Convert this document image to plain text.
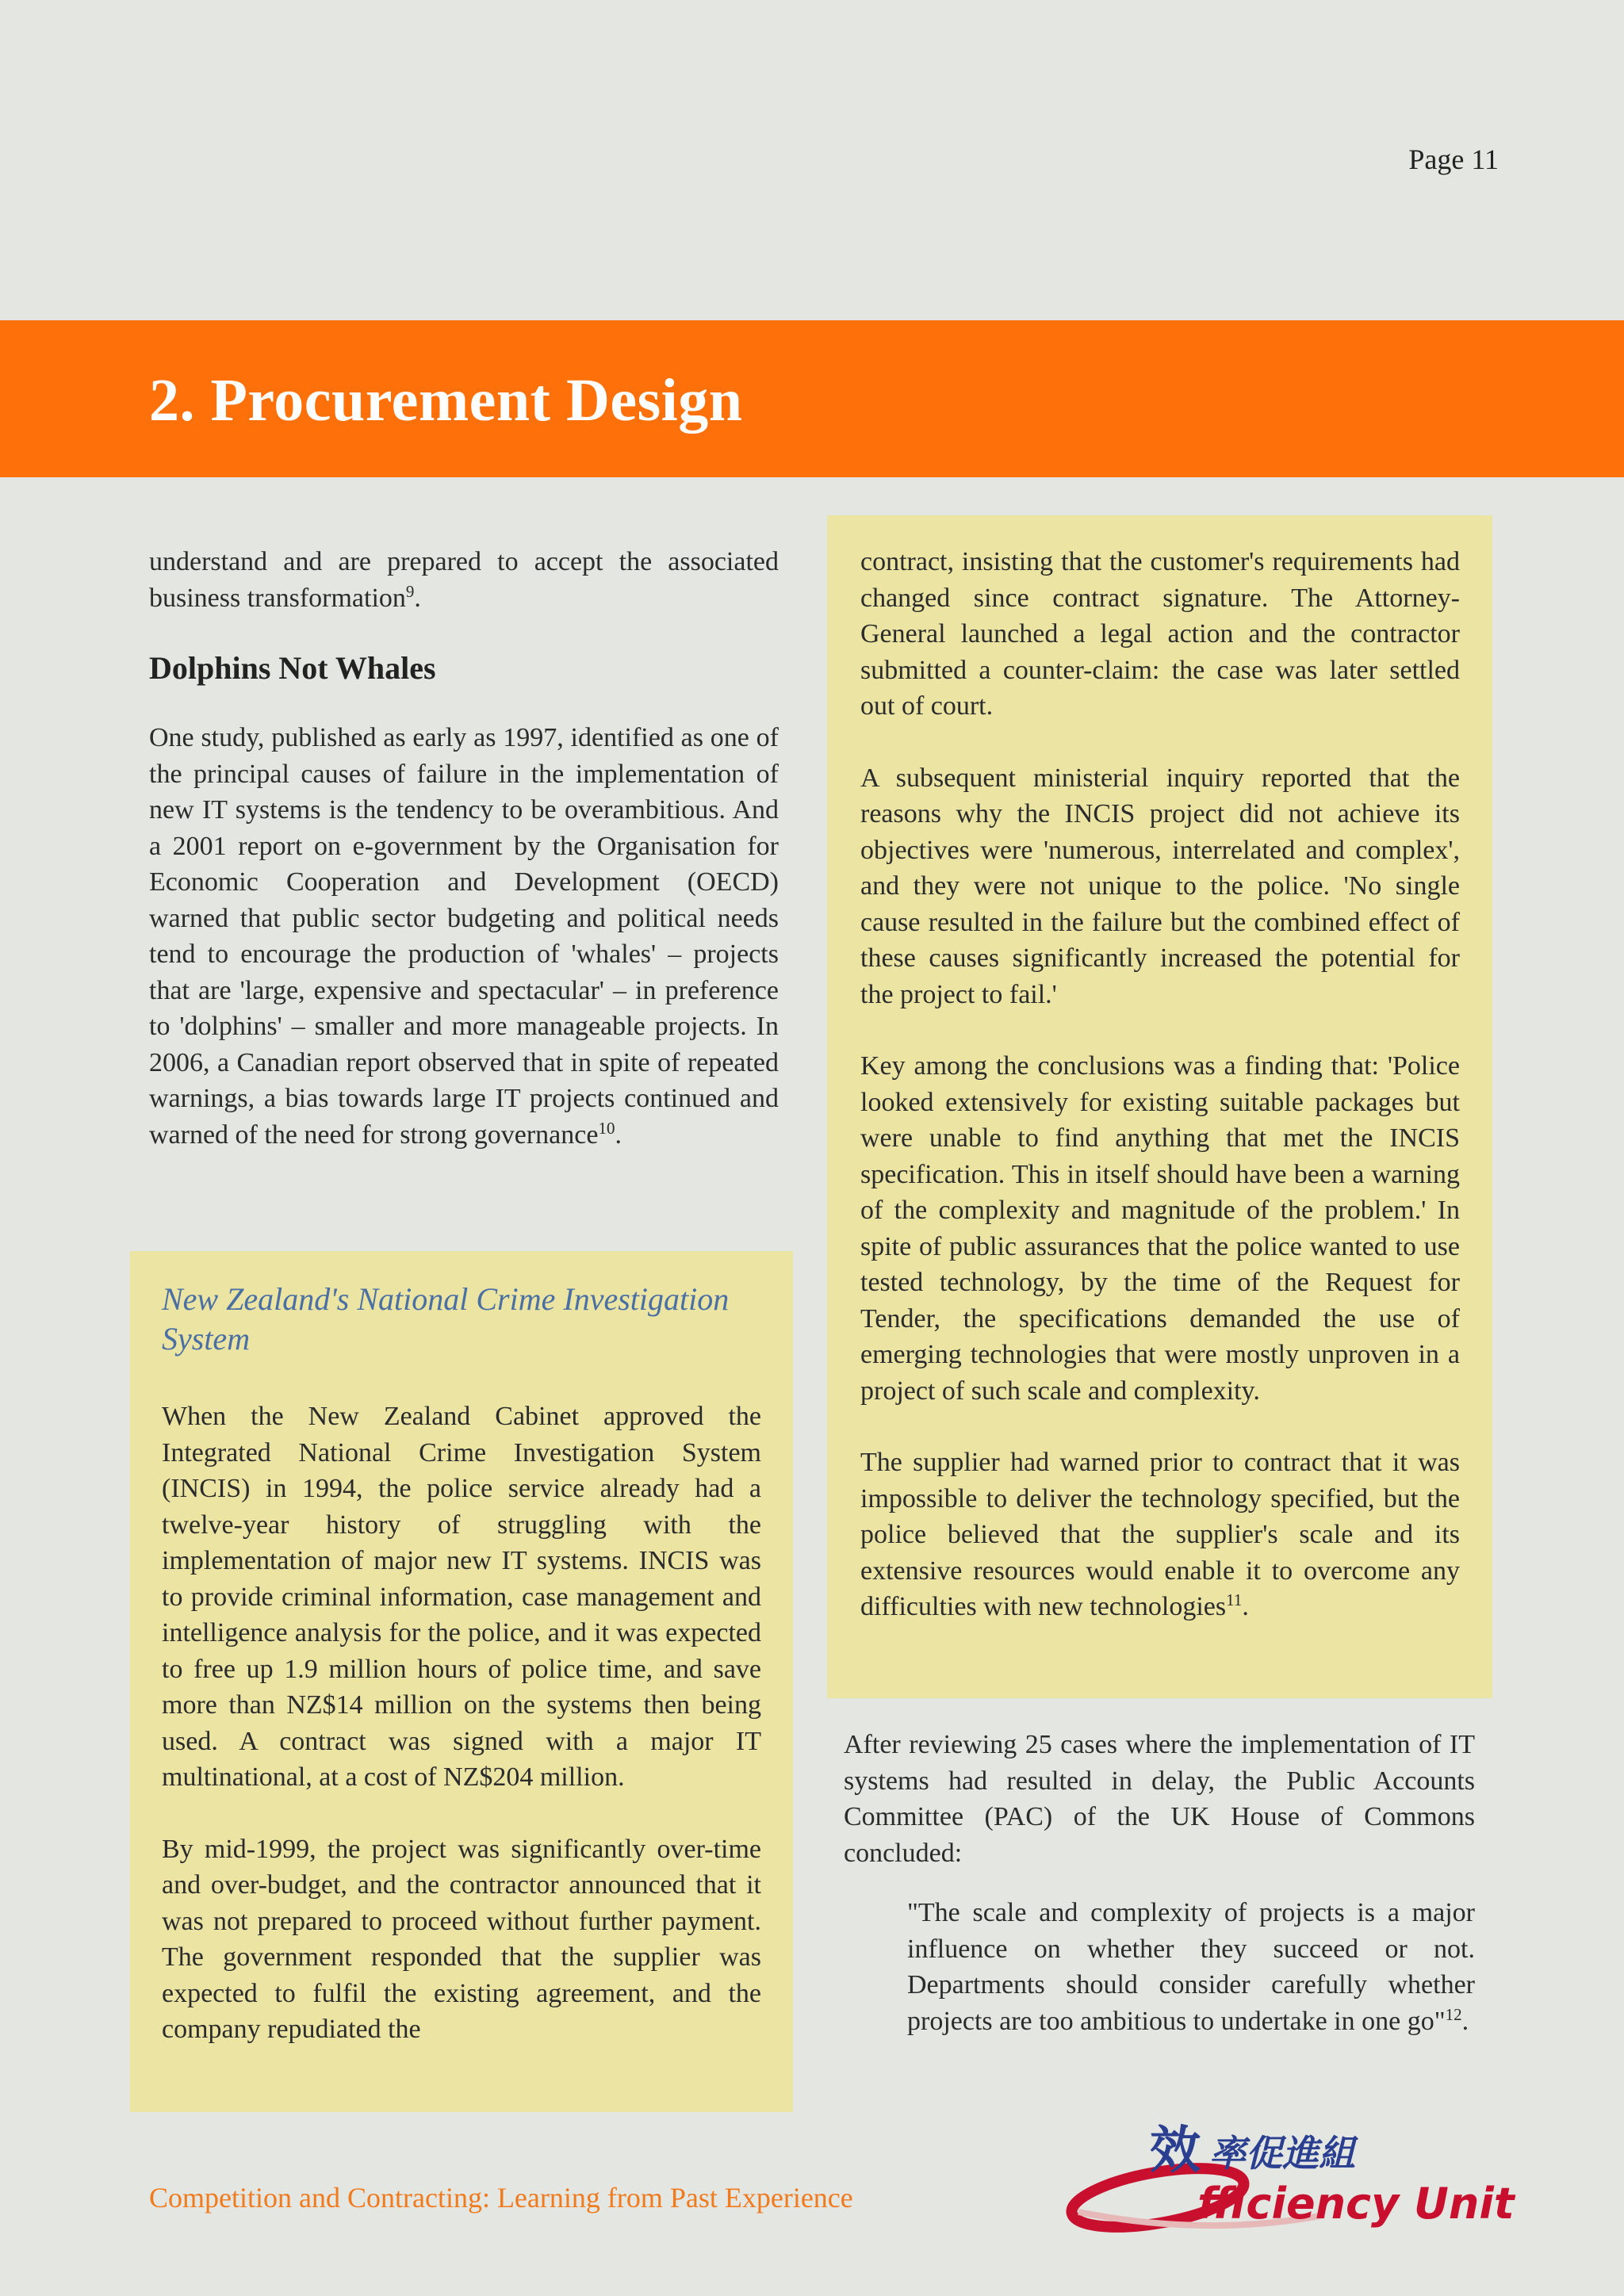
Page 11
2. Procurement Design

understand and are prepared to accept the associated business transformation$^9$.

Dolphins Not Whales

One study, published as early as 1997, identified as one of the principal causes of failure in the implementation of new IT systems is the tendency to be overambitious. And a 2001 report on e-government by the Organisation for Economic Cooperation and Development (OECD) warned that public sector budgeting and political needs tend to encourage the production of 'whales' – projects that are 'large, expensive and spectacular' – in preference to 'dolphins' – smaller and more manageable projects. In 2006, a Canadian report observed that in spite of repeated warnings, a bias towards large IT projects continued and warned of the need for strong governance$^{10}$.

New Zealand's National Crime Investigation System

When the New Zealand Cabinet approved the Integrated National Crime Investigation System (INCIS) in 1994, the police service already had a twelve-year history of struggling with the implementation of major new IT systems. INCIS was to provide criminal information, case management and intelligence analysis for the police, and it was expected to free up 1.9 million hours of police time, and save more than NZ$14 million on the systems then being used. A contract was signed with a major IT multinational, at a cost of NZ$204 million.

By mid-1999, the project was significantly over-time and over-budget, and the contractor announced that it was not prepared to proceed without further payment. The government responded that the supplier was expected to fulfil the existing agreement, and the company repudiated the

contract, insisting that the customer's requirements had changed since contract signature. The Attorney-General launched a legal action and the contractor submitted a counter-claim: the case was later settled out of court.

A subsequent ministerial inquiry reported that the reasons why the INCIS project did not achieve its objectives were 'numerous, interrelated and complex', and they were not unique to the police. 'No single cause resulted in the failure but the combined effect of these causes significantly increased the potential for the project to fail.'

Key among the conclusions was a finding that: 'Police looked extensively for existing suitable packages but were unable to find anything that met the INCIS specification. This in itself should have been a warning of the complexity and magnitude of the problem.' In spite of public assurances that the police wanted to use tested technology, by the time of the Request for Tender, the specifications demanded the use of emerging technologies that were mostly unproven in a project of such scale and complexity.

The supplier had warned prior to contract that it was impossible to deliver the technology specified, but the police believed that the supplier's scale and its extensive resources would enable it to overcome any difficulties with new technologies$^{11}$.

After reviewing 25 cases where the implementation of IT systems had resulted in delay, the Public Accounts Committee (PAC) of the UK House of Commons concluded:

"The scale and complexity of projects is a major influence on whether they succeed or not. Departments should consider carefully whether projects are too ambitious to undertake in one go"$^{12}$.

Competition and Contracting: Learning from Past Experience
效 率促進組
fficiency Unit
